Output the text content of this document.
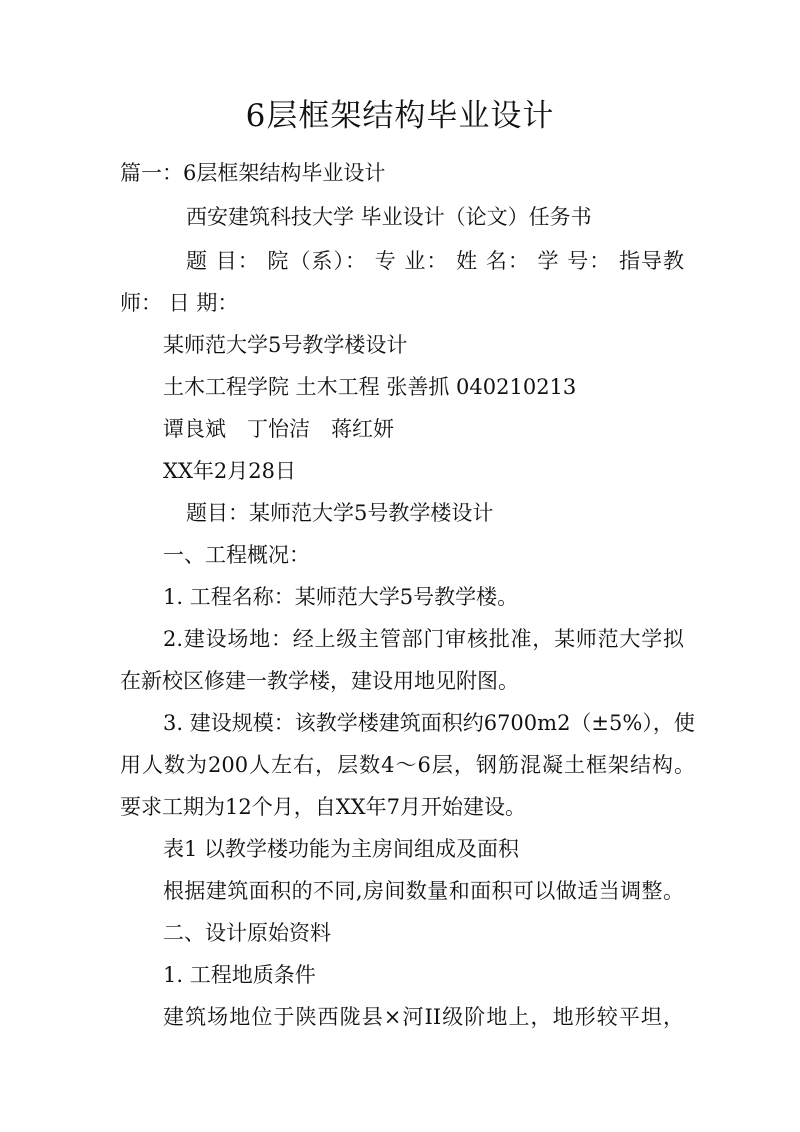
6层框架结构毕业设计
篇一：6层框架结构毕业设计
西安建筑科技大学 毕业设计（论文）任务书
题 目： 院（系）： 专 业： 姓 名： 学 号： 指导教
师： 日 期：
某师范大学5号教学楼设计
土木工程学院 土木工程 张善抓 040210213
谭良斌　丁怡洁　蒋红妍
XX年2月28日
题目：某师范大学5号教学楼设计
一、工程概况：
1. 工程名称：某师范大学5号教学楼。
2.建设场地：经上级主管部门审核批准，某师范大学拟
在新校区修建一教学楼，建设用地见附图。
3. 建设规模：该教学楼建筑面积约6700m2（±5%），使
用人数为200人左右，层数4～6层，钢筋混凝土框架结构。
要求工期为12个月，自XX年7月开始建设。
表1 以教学楼功能为主房间组成及面积
根据建筑面积的不同,房间数量和面积可以做适当调整。
二、设计原始资料
1. 工程地质条件
建筑场地位于陕西陇县×河II级阶地上，地形较平坦，
